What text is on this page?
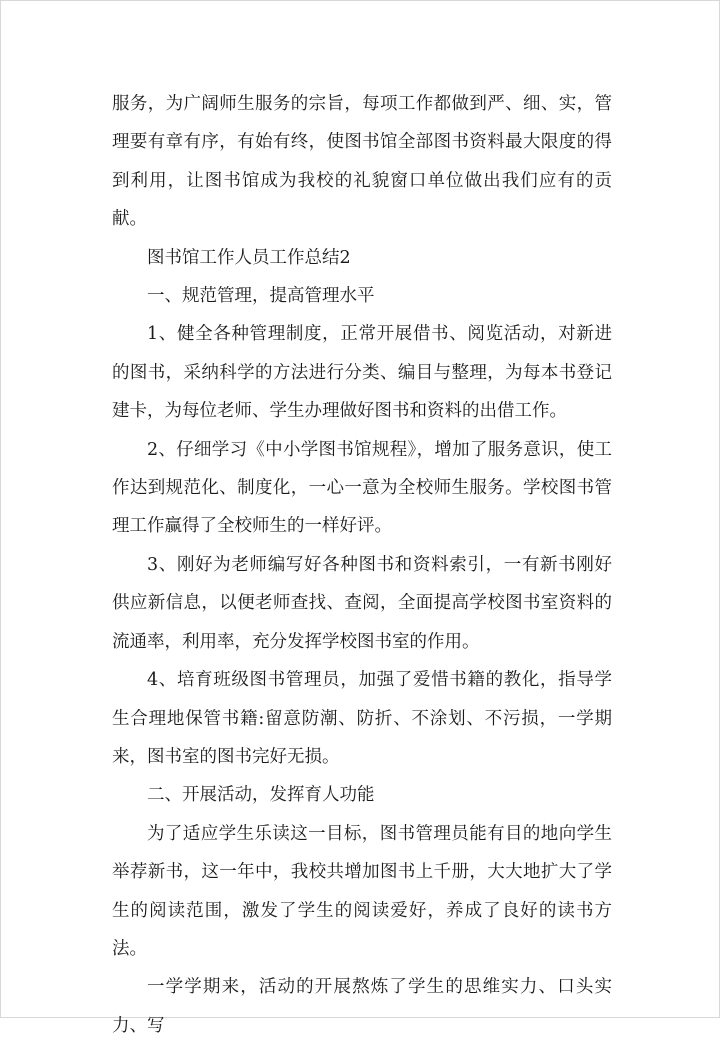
服务，为广阔师生服务的宗旨，每项工作都做到严、细、实，管理要有章有序，有始有终，使图书馆全部图书资料最大限度的得到利用，让图书馆成为我校的礼貌窗口单位做出我们应有的贡献。

图书馆工作人员工作总结2

一、规范管理，提高管理水平

1、健全各种管理制度，正常开展借书、阅览活动，对新进的图书，采纳科学的方法进行分类、编目与整理，为每本书登记建卡，为每位老师、学生办理做好图书和资料的出借工作。

2、仔细学习《中小学图书馆规程》，增加了服务意识，使工作达到规范化、制度化，一心一意为全校师生服务。学校图书管理工作赢得了全校师生的一样好评。

3、刚好为老师编写好各种图书和资料索引，一有新书刚好供应新信息，以便老师查找、查阅，全面提高学校图书室资料的流通率，利用率，充分发挥学校图书室的作用。

4、培育班级图书管理员，加强了爱惜书籍的教化，指导学生合理地保管书籍:留意防潮、防折、不涂划、不污损，一学期来，图书室的图书完好无损。

二、开展活动，发挥育人功能

为了适应学生乐读这一目标，图书管理员能有目的地向学生举荐新书，这一年中，我校共增加图书上千册，大大地扩大了学生的阅读范围，激发了学生的阅读爱好，养成了良好的读书方法。

一学学期来，活动的开展熬炼了学生的思维实力、口头实力、写
